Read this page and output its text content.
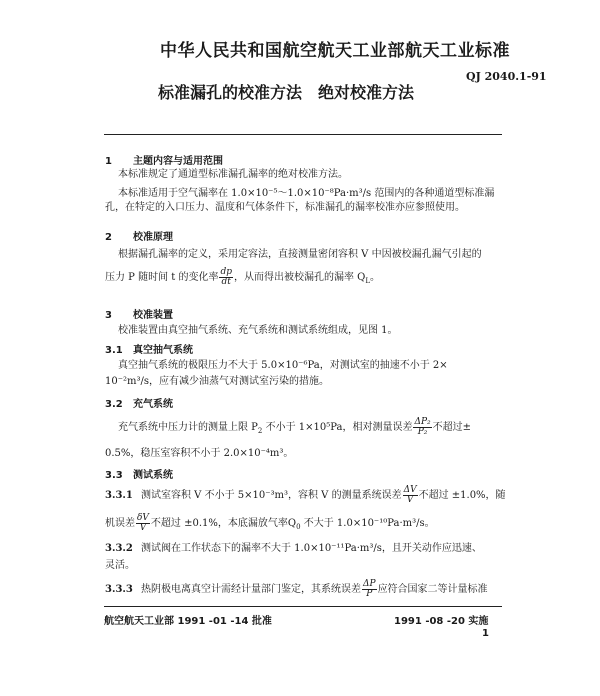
中华人民共和国航空航天工业部航天工业标准
QJ 2040.1-91
标准漏孔的校准方法 绝对校准方法
1 主题内容与适用范围
本标准规定了通道型标准漏孔漏率的绝对校准方法。
本标准适用于空气漏率在 1.0×10⁻⁵～1.0×10⁻⁸Pa·m³/s 范围内的各种通道型标准漏孔，在特定的入口压力、温度和气体条件下，标准漏孔的漏率校准亦应参照使用。
2 校准原理
根据漏孔漏率的定义，采用定容法，直接测量密闭容积 V 中因被校漏孔漏气引起的
压力 P 随时间 t 的变化率 $\frac{dp}{dt}$ ，从而得出被校漏孔的漏率 $Q_L$。
3 校准装置
校准装置由真空抽气系统、充气系统和测试系统组成，见图 1。
3.1 真空抽气系统
真空抽气系统的极限压力不大于 5.0×10⁻⁶Pa，对测试室的抽速不小于 2×
10⁻²m³/s，应有减少油蒸气对测试室污染的措施。
3.2 充气系统
充气系统中压力计的测量上限 $P_2$ 不小于 1×10⁵Pa，相对测量误差 $\frac{\text{ΔP₂}}{\text{P₂}}$ 不超过±
0.5%，稳压室容积不小于 2.0×10⁻⁴m³。
3.3 测试系统
3.3.1 测试室容积 V 不小于 5×10⁻³m³，容积 V 的测量系统误差 $\frac{\Delta V}{V}$ 不超过 ±1.0%，随
机误差 $\frac{\delta V}{V}$ 不超过 ±0.1%，本底漏放气率$Q_0$ 不大于 1.0×10⁻¹⁰Pa·m³/s。
3.3.2 测试阀在工作状态下的漏率不大于 1.0×10⁻¹¹Pa·m³/s，且开关动作应迅速、
灵活。
3.3.3 热阴极电离真空计需经计量部门鉴定，其系统误差 $\frac{\Delta P}{P}$ 应符合国家二等计量标准
航空航天工业部 1991 -01 -14 批准	1991 -08 -20 实施
1
